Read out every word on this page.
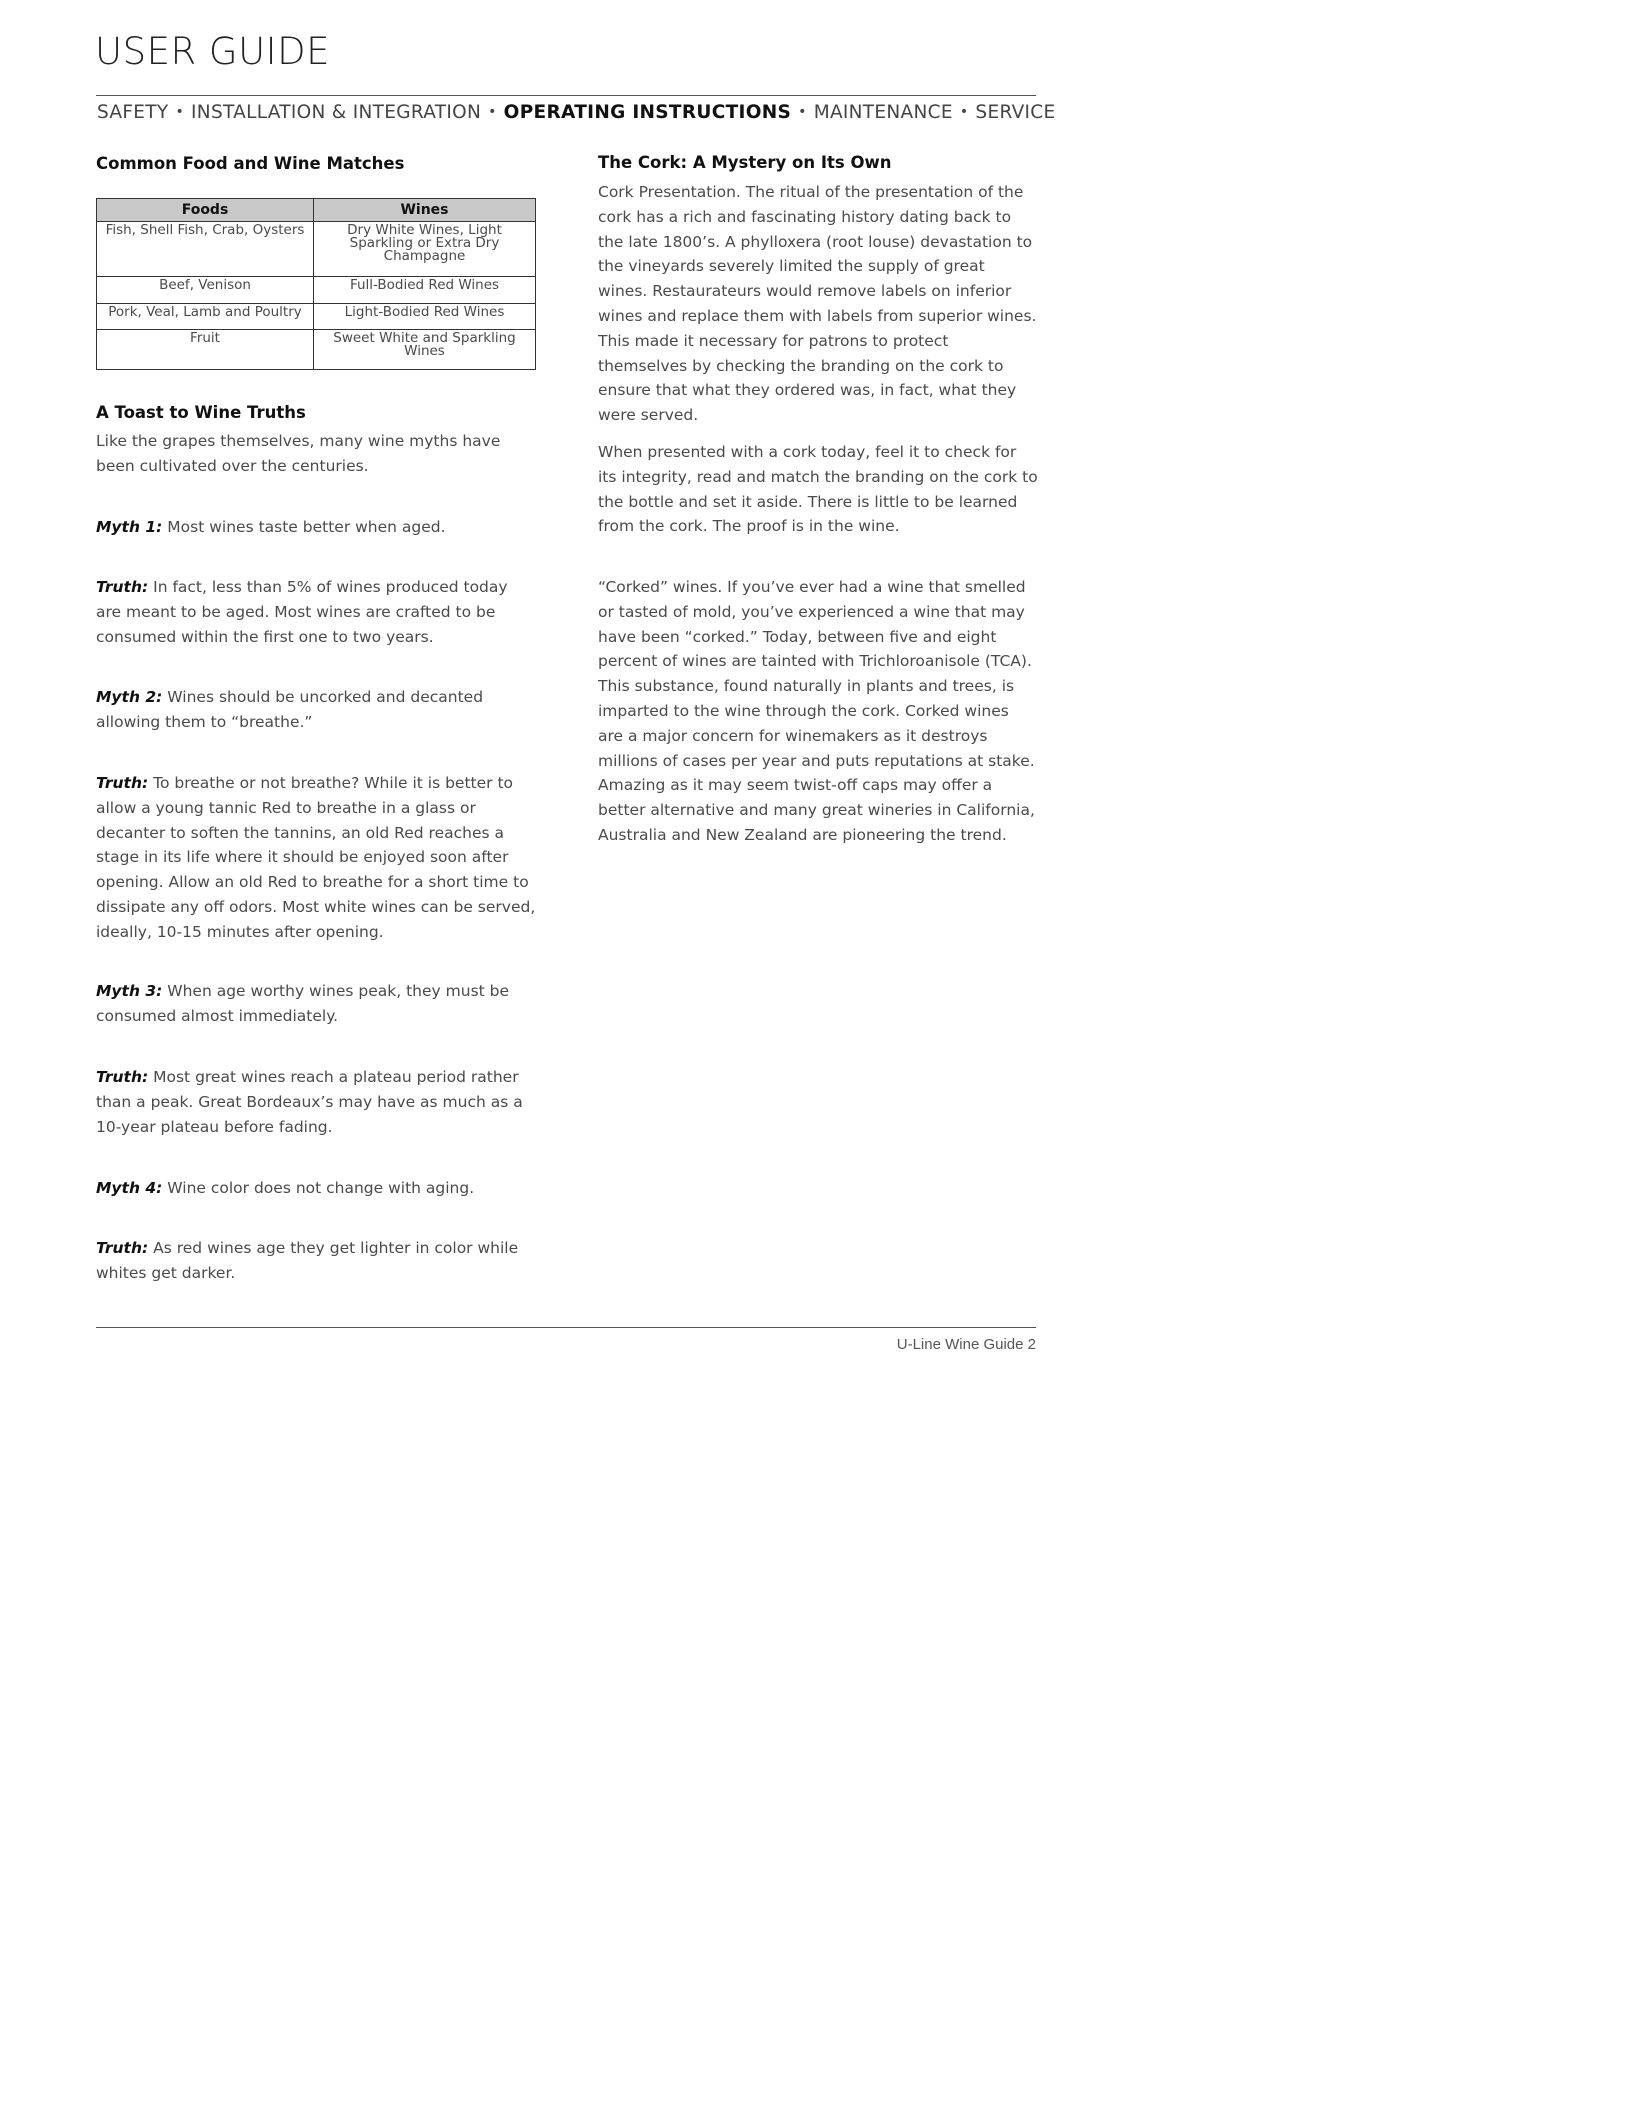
USER GUIDE
SAFETY • INSTALLATION & INTEGRATION • OPERATING INSTRUCTIONS • MAINTENANCE • SERVICE
Common Food and Wine Matches
Foods	Wines
Fish, Shell Fish, Crab, Oysters	Dry White Wines, Light Sparkling or Extra Dry Champagne
Beef, Venison	Full-Bodied Red Wines
Pork, Veal, Lamb and Poultry	Light-Bodied Red Wines
Fruit	Sweet White and Sparkling Wines
A Toast to Wine Truths

Like the grapes themselves, many wine myths have been cultivated over the centuries.

Myth 1: Most wines taste better when aged.

Truth: In fact, less than 5% of wines produced today are meant to be aged. Most wines are crafted to be consumed within the first one to two years.

Myth 2: Wines should be uncorked and decanted allowing them to “breathe.”

Truth: To breathe or not breathe? While it is better to allow a young tannic Red to breathe in a glass or decanter to soften the tannins, an old Red reaches a stage in its life where it should be enjoyed soon after opening. Allow an old Red to breathe for a short time to dissipate any off odors. Most white wines can be served, ideally, 10-15 minutes after opening.

Myth 3: When age worthy wines peak, they must be consumed almost immediately.

Truth: Most great wines reach a plateau period rather than a peak. Great Bordeaux’s may have as much as a 10-year plateau before fading.

Myth 4: Wine color does not change with aging.

Truth: As red wines age they get lighter in color while whites get darker.

The Cork: A Mystery on Its Own

Cork Presentation. The ritual of the presentation of the cork has a rich and fascinating history dating back to the late 1800’s. A phylloxera (root louse) devastation to the vineyards severely limited the supply of great wines. Restaurateurs would remove labels on inferior wines and replace them with labels from superior wines. This made it necessary for patrons to protect themselves by checking the branding on the cork to ensure that what they ordered was, in fact, what they were served.

When presented with a cork today, feel it to check for its integrity, read and match the branding on the cork to the bottle and set it aside. There is little to be learned from the cork. The proof is in the wine.

“Corked” wines. If you’ve ever had a wine that smelled or tasted of mold, you’ve experienced a wine that may have been “corked.” Today, between five and eight percent of wines are tainted with Trichloroanisole (TCA). This substance, found naturally in plants and trees, is imparted to the wine through the cork. Corked wines are a major concern for winemakers as it destroys millions of cases per year and puts reputations at stake. Amazing as it may seem twist-off caps may offer a better alternative and many great wineries in California, Australia and New Zealand are pioneering the trend.

U-Line Wine Guide 2
